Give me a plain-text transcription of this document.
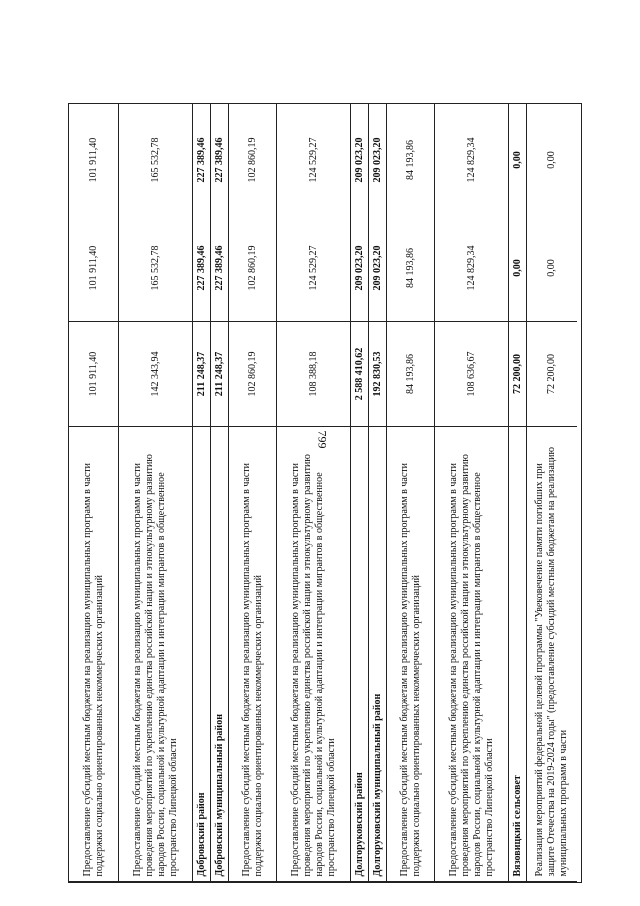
799
Предоставление субсидий местным бюджетам на реализацию муниципальных программ в части поддержки социально ориентированных некоммерческих организаций
101 911,40
101 911,40
101 911,40
Предоставление субсидий местным бюджетам на реализацию муниципальных программ в части проведения мероприятий по укреплению единства российской нации и этнокультурному развитию народов России, социальной и культурной адаптации и интеграции мигрантов в общественное пространство Липецкой области
142 343,94
165 532,78
165 532,78
Добровский район
211 248,37
227 389,46
227 389,46
Добровский муниципальный район
211 248,37
227 389,46
227 389,46
Предоставление субсидий местным бюджетам на реализацию муниципальных программ в части поддержки социально ориентированных некоммерческих организаций
102 860,19
102 860,19
102 860,19
Предоставление субсидий местным бюджетам на реализацию муниципальных программ в части проведения мероприятий по укреплению единства российской нации и этнокультурному развитию народов России, социальной и культурной адаптации и интеграции мигрантов в общественное пространство Липецкой области
108 388,18
124 529,27
124 529,27
Долгоруковский район
2 588 410,62
209 023,20
209 023,20
Долгоруковский муниципальный район
192 830,53
209 023,20
209 023,20
Предоставление субсидий местным бюджетам на реализацию муниципальных программ в части поддержки социально ориентированных некоммерческих организаций
84 193,86
84 193,86
84 193,86
Предоставление субсидий местным бюджетам на реализацию муниципальных программ в части проведения мероприятий по укреплению единства российской нации и этнокультурному развитию народов России, социальной и культурной адаптации и интеграции мигрантов в общественное пространство Липецкой области
108 636,67
124 829,34
124 829,34
Вязовицкий сельсовет
72 200,00
0,00
0,00
Реализация мероприятий федеральной целевой программы "Увековечение памяти погибших при защите Отечества на 2019-2024 годы" (предоставление субсидий местным бюджетам на реализацию муниципальных программ в части
72 200,00
0,00
0,00
